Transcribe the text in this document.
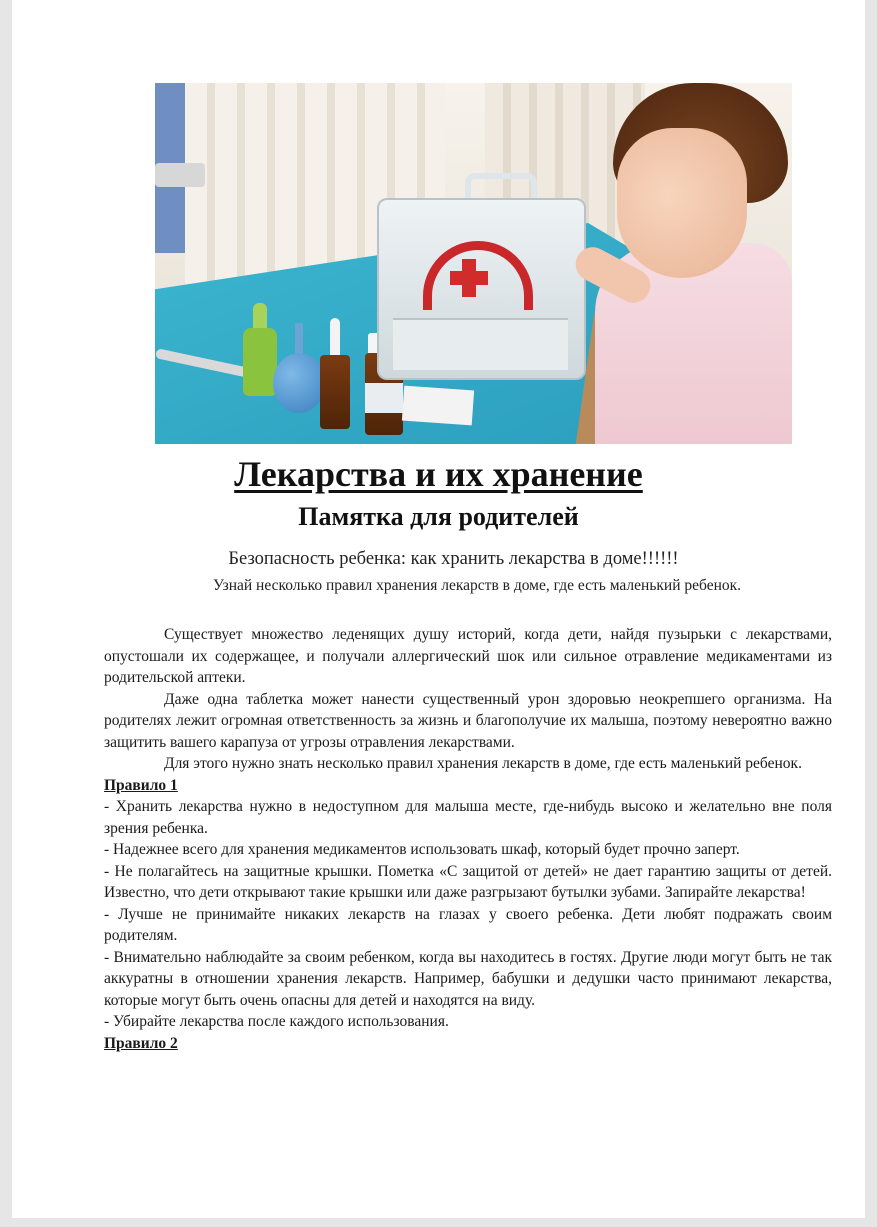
Лекарства и их хранение
Памятка для родителей

Безопасность ребенка: как хранить лекарства в доме!!!!!!

Узнай несколько правил хранения лекарств в доме, где есть маленький ребенок.

Существует множество леденящих душу историй, когда дети, найдя пузырьки с лекарствами, опустошали их содержащее, и получали аллергический шок или сильное отравление медикаментами из родительской аптеки.

Даже одна таблетка может нанести существенный урон здоровью неокрепшего организма. На родителях лежит огромная ответственность за жизнь и благополучие их малыша, поэтому невероятно важно защитить вашего карапуза от угрозы отравления лекарствами.

Для этого нужно знать несколько правил хранения лекарств в доме, где есть маленький ребенок.

Правило 1

- Хранить лекарства нужно в недоступном для малыша месте, где-нибудь высоко и желательно вне поля зрения ребенка.

- Надежнее всего для хранения медикаментов использовать шкаф, который будет прочно заперт.

- Не полагайтесь на защитные крышки. Пометка «С защитой от детей» не дает гарантию защиты от детей. Известно, что дети открывают такие крышки или даже разгрызают бутылки зубами. Запирайте лекарства!

- Лучше не принимайте никаких лекарств на глазах у своего ребенка. Дети любят подражать своим родителям.

- Внимательно наблюдайте за своим ребенком, когда вы находитесь в гостях. Другие люди могут быть не так аккуратны в отношении хранения лекарств. Например, бабушки и дедушки часто принимают лекарства, которые могут быть очень опасны для детей и находятся на виду.

- Убирайте лекарства после каждого использования.

Правило 2
